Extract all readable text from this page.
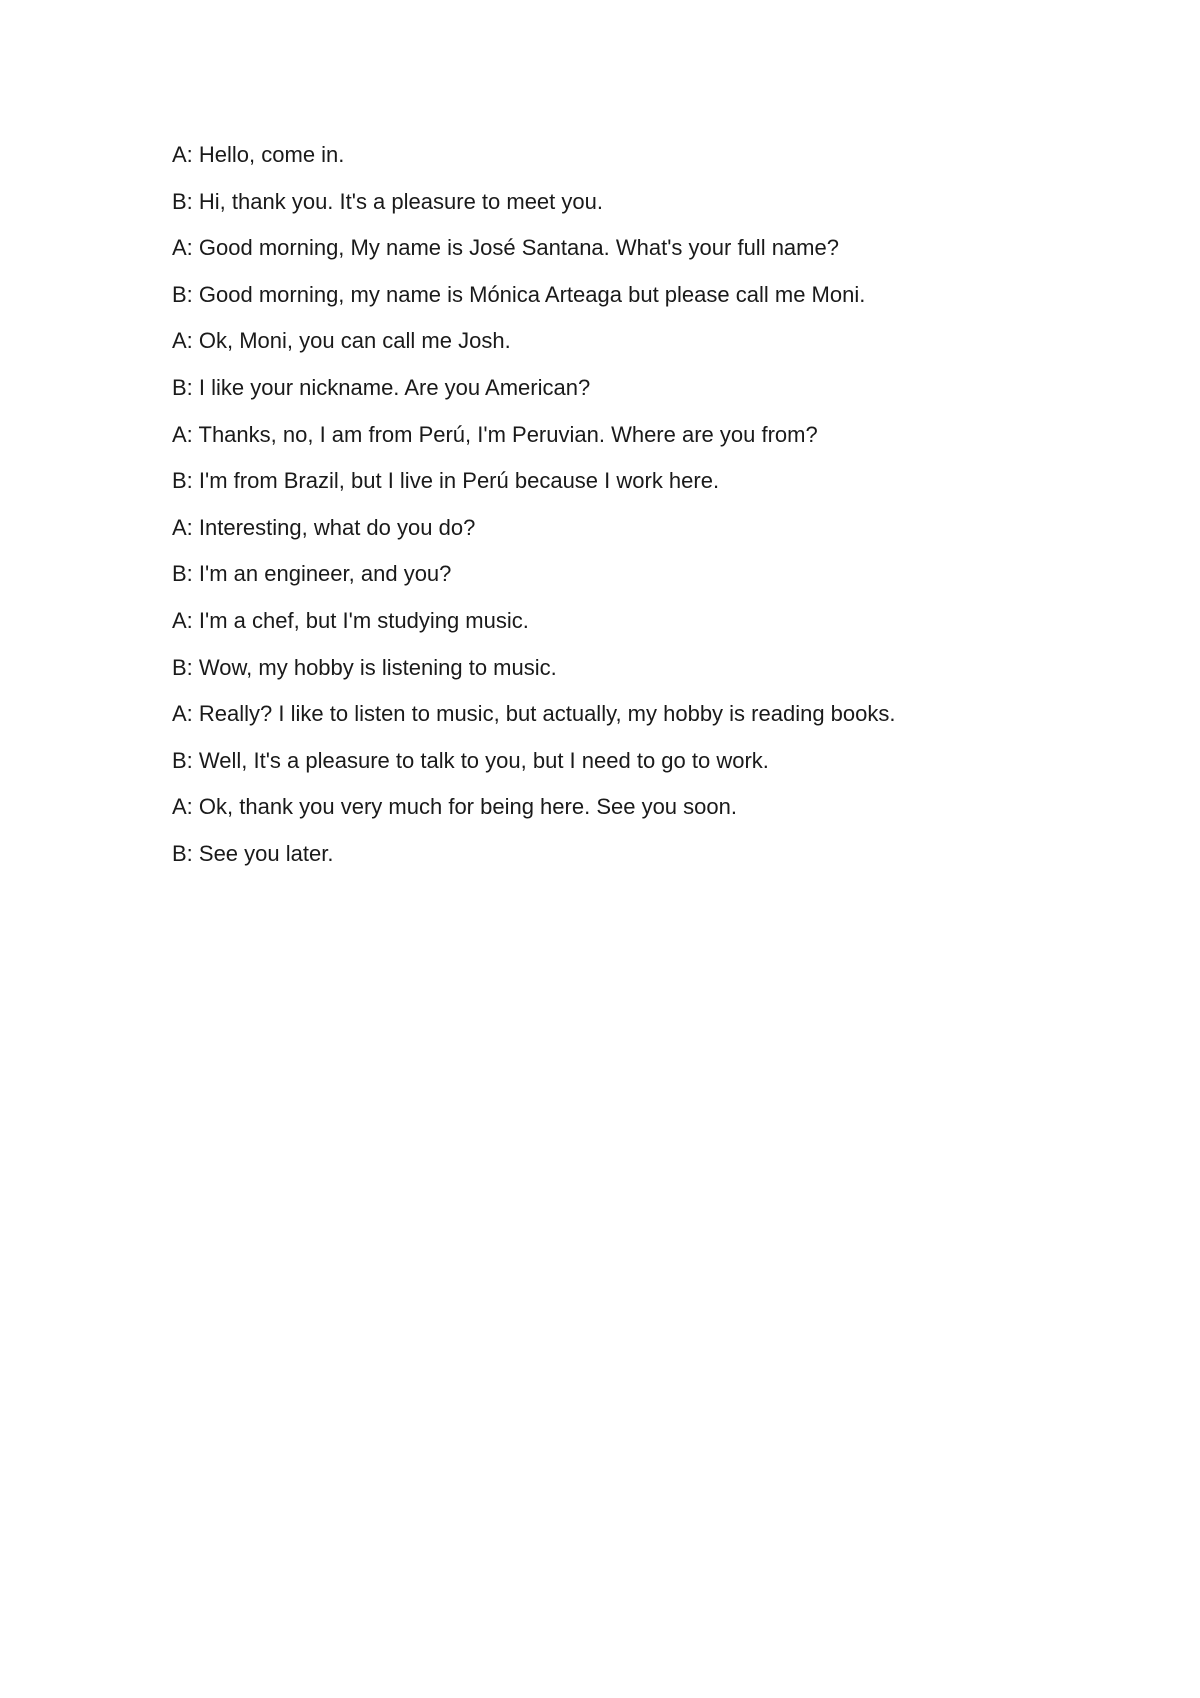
A: Hello, come in.
B: Hi, thank you. It's a pleasure to meet you.
A: Good morning, My name is José Santana. What's your full name?
B: Good morning, my name is Mónica Arteaga but please call me Moni.
A: Ok, Moni, you can call me Josh.
B: I like your nickname. Are you American?
A: Thanks, no, I am from Perú, I'm Peruvian. Where are you from?
B: I'm from Brazil, but I live in Perú because I work here.
A: Interesting, what do you do?
B: I'm an engineer, and you?
A: I'm a chef, but I'm studying music.
B: Wow, my hobby is listening to music.
A: Really? I like to listen to music, but actually, my hobby is reading books.
B: Well, It's a pleasure to talk to you, but I need to go to work.
A: Ok, thank you very much for being here. See you soon.
B: See you later.
